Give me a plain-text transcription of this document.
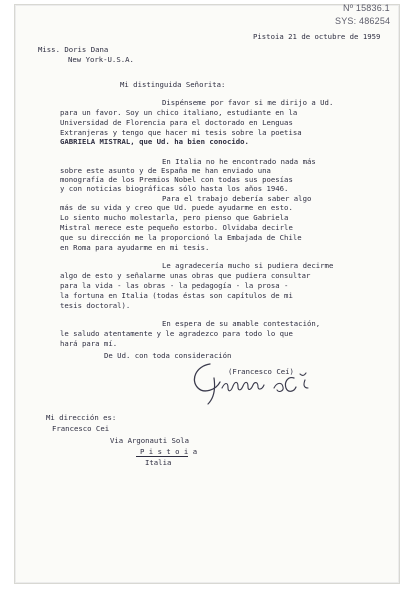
Nº 15836.1
SYS: 486254
Pistoia 21 de octubre de 1959
Miss. Doris Dana
New York-U.S.A.
Mi distinguida Señorita:
Dispénseme por favor si me dirijo a Ud.
para un favor. Soy un chico italiano, estudiante en la
Universidad de Florencia para el doctorado en Lenguas
Extranjeras y tengo que hacer mi tesis sobre la poetisa
GABRIELA MISTRAL, que Ud. ha bien conocido.
En Italia no he encontrado nada más
sobre este asunto y de España me han enviado una
monografía de los Premios Nobel con todas sus poesías
y con noticias biográficas sólo hasta los años 1946.
Para el trabajo debería saber algo
más de su vida y creo que Ud. puede ayudarme en esto.
Lo siento mucho molestarla, pero pienso que Gabriela
Mistral merece este pequeño estorbo. Olvidaba decirle
que su dirección me la proporcionó la Embajada de Chile
en Roma para ayudarme en mi tesis.
Le agradecería mucho si pudiera decirme
algo de esto y señalarme unas obras que pudiera consultar
para la vida - las obras - la pedagogía - la prosa -
la fortuna en Italia (todas éstas son capítulos de mi
tesis doctoral).
En espera de su amable contestación,
le saludo atentamente y le agradezco para todo lo que
hará para mí.
De Ud. con toda consideración
(Francesco Ceí)
Mi dirección es:
Francesco Cei
Via Argonauti Sola
P i s t o i a
Italia
